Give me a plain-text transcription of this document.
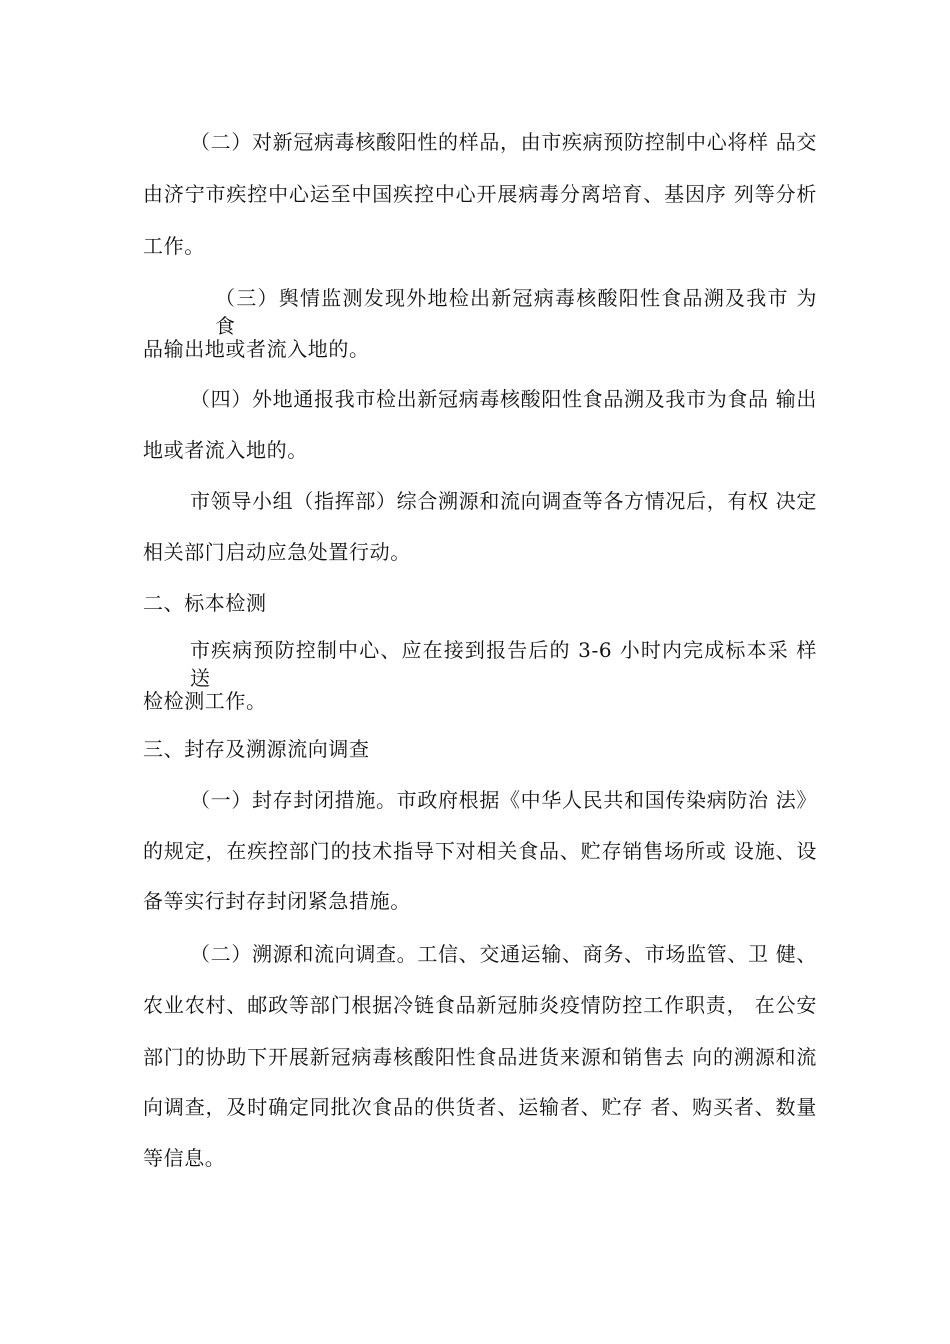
（二）对新冠病毒核酸阳性的样品，由市疾病预防控制中心将样 品交
由济宁市疾控中心运至中国疾控中心开展病毒分离培育、基因序 列等分析
工作。
（三）舆情监测发现外地检出新冠病毒核酸阳性食品溯及我市 为食
品输出地或者流入地的。
（四）外地通报我市检出新冠病毒核酸阳性食品溯及我市为食品 输出
地或者流入地的。
市领导小组（指挥部）综合溯源和流向调查等各方情况后，有权 决定
相关部门启动应急处置行动。
二、标本检测
市疾病预防控制中心、应在接到报告后的 3-6 小时内完成标本采 样送
检检测工作。
三、封存及溯源流向调查
（一）封存封闭措施。市政府根据《中华人民共和国传染病防治 法》
的规定，在疾控部门的技术指导下对相关食品、贮存销售场所或 设施、设
备等实行封存封闭紧急措施。
（二）溯源和流向调查。工信、交通运输、商务、市场监管、卫 健、
农业农村、邮政等部门根据冷链食品新冠肺炎疫情防控工作职责， 在公安
部门的协助下开展新冠病毒核酸阳性食品进货来源和销售去 向的溯源和流
向调查，及时确定同批次食品的供货者、运输者、贮存 者、购买者、数量
等信息。
